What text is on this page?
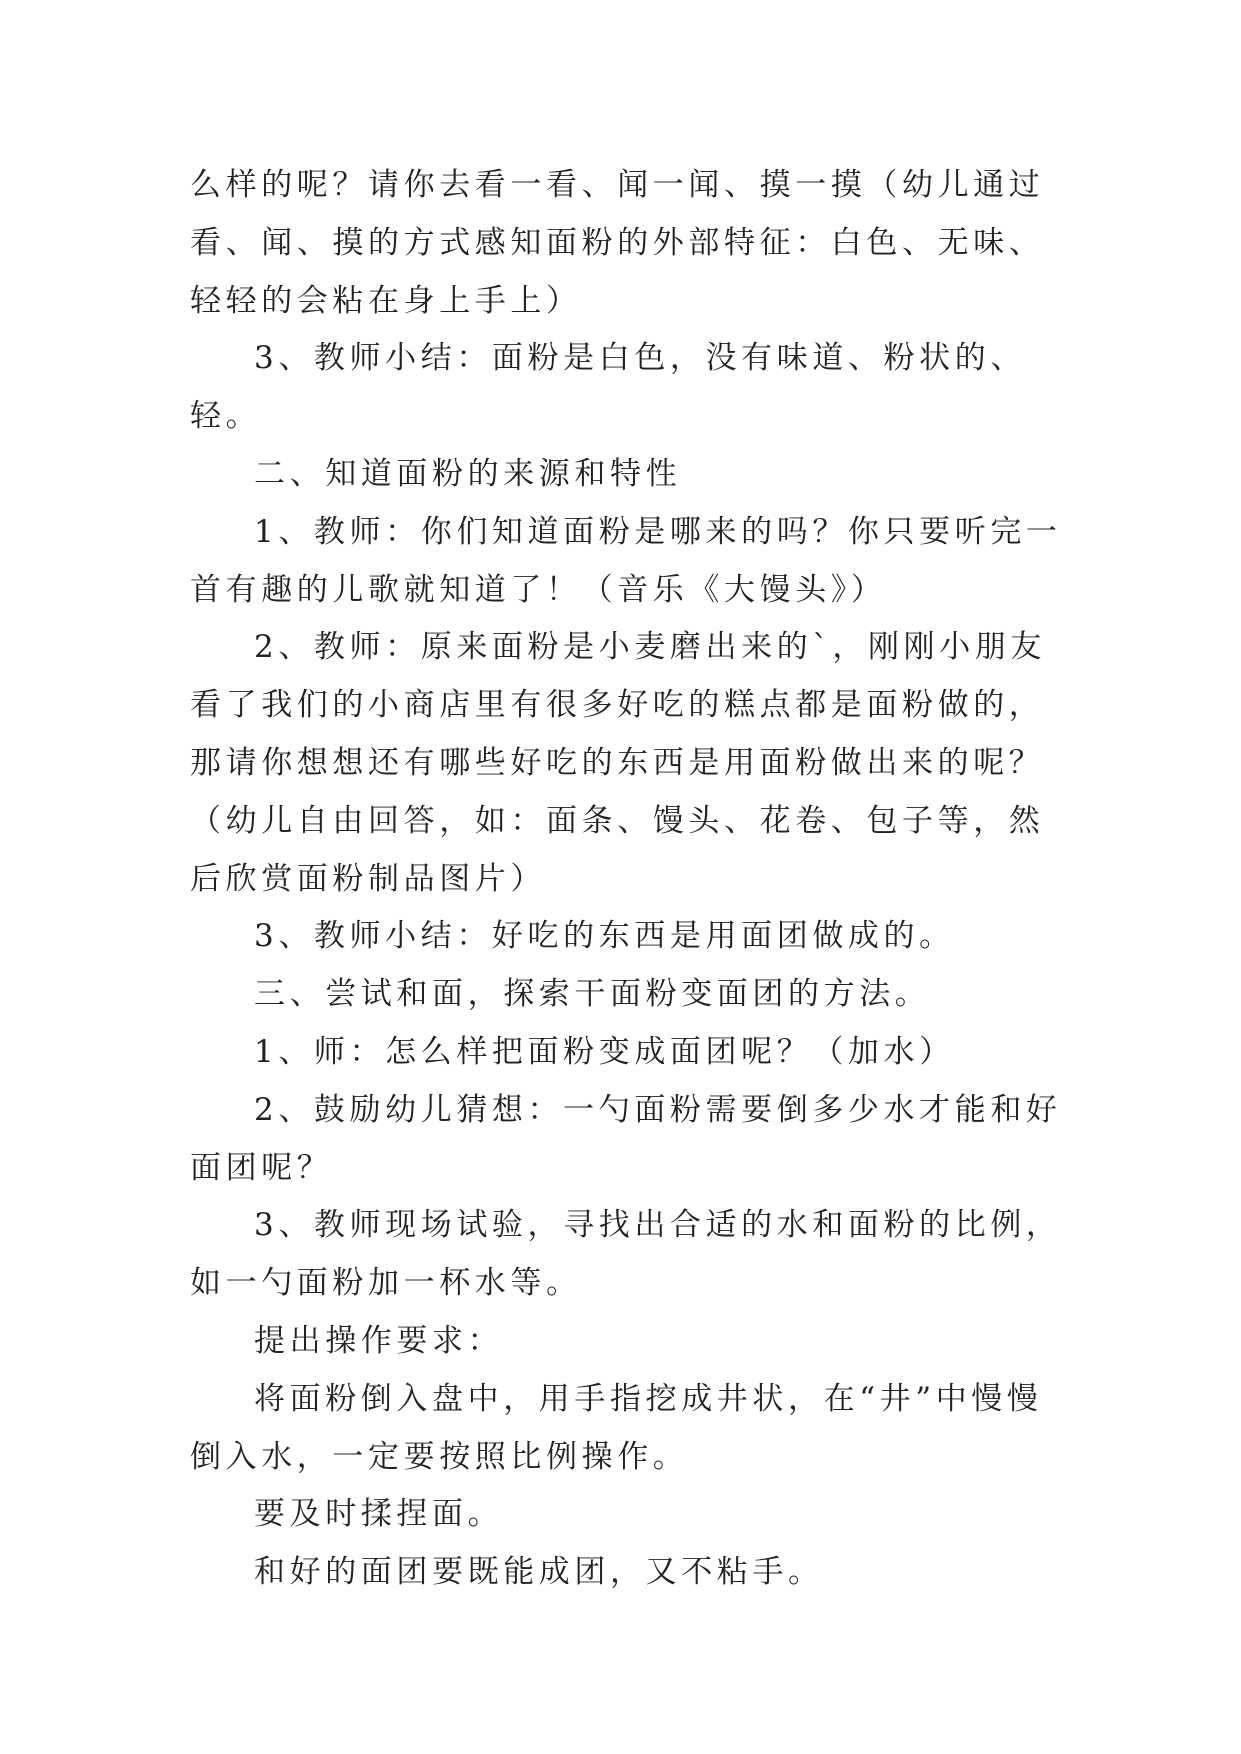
么样的呢？请你去看一看、闻一闻、摸一摸（幼儿通过看、闻、摸的方式感知面粉的外部特征：白色、无味、轻轻的会粘在身上手上）

3、教师小结：面粉是白色，没有味道、粉状的、轻。

二、知道面粉的来源和特性

1、教师：你们知道面粉是哪来的吗？你只要听完一首有趣的儿歌就知道了！（音乐《大馒头》）

2、教师：原来面粉是小麦磨出来的`，刚刚小朋友看了我们的小商店里有很多好吃的糕点都是面粉做的，那请你想想还有哪些好吃的东西是用面粉做出来的呢？（幼儿自由回答，如：面条、馒头、花卷、包子等，然后欣赏面粉制品图片）

3、教师小结：好吃的东西是用面团做成的。

三、尝试和面，探索干面粉变面团的方法。

1、师：怎么样把面粉变成面团呢？（加水）

2、鼓励幼儿猜想：一勺面粉需要倒多少水才能和好面团呢？

3、教师现场试验，寻找出合适的水和面粉的比例，如一勺面粉加一杯水等。

提出操作要求：

将面粉倒入盘中，用手指挖成井状，在“井”中慢慢倒入水，一定要按照比例操作。

要及时揉捏面。

和好的面团要既能成团，又不粘手。
